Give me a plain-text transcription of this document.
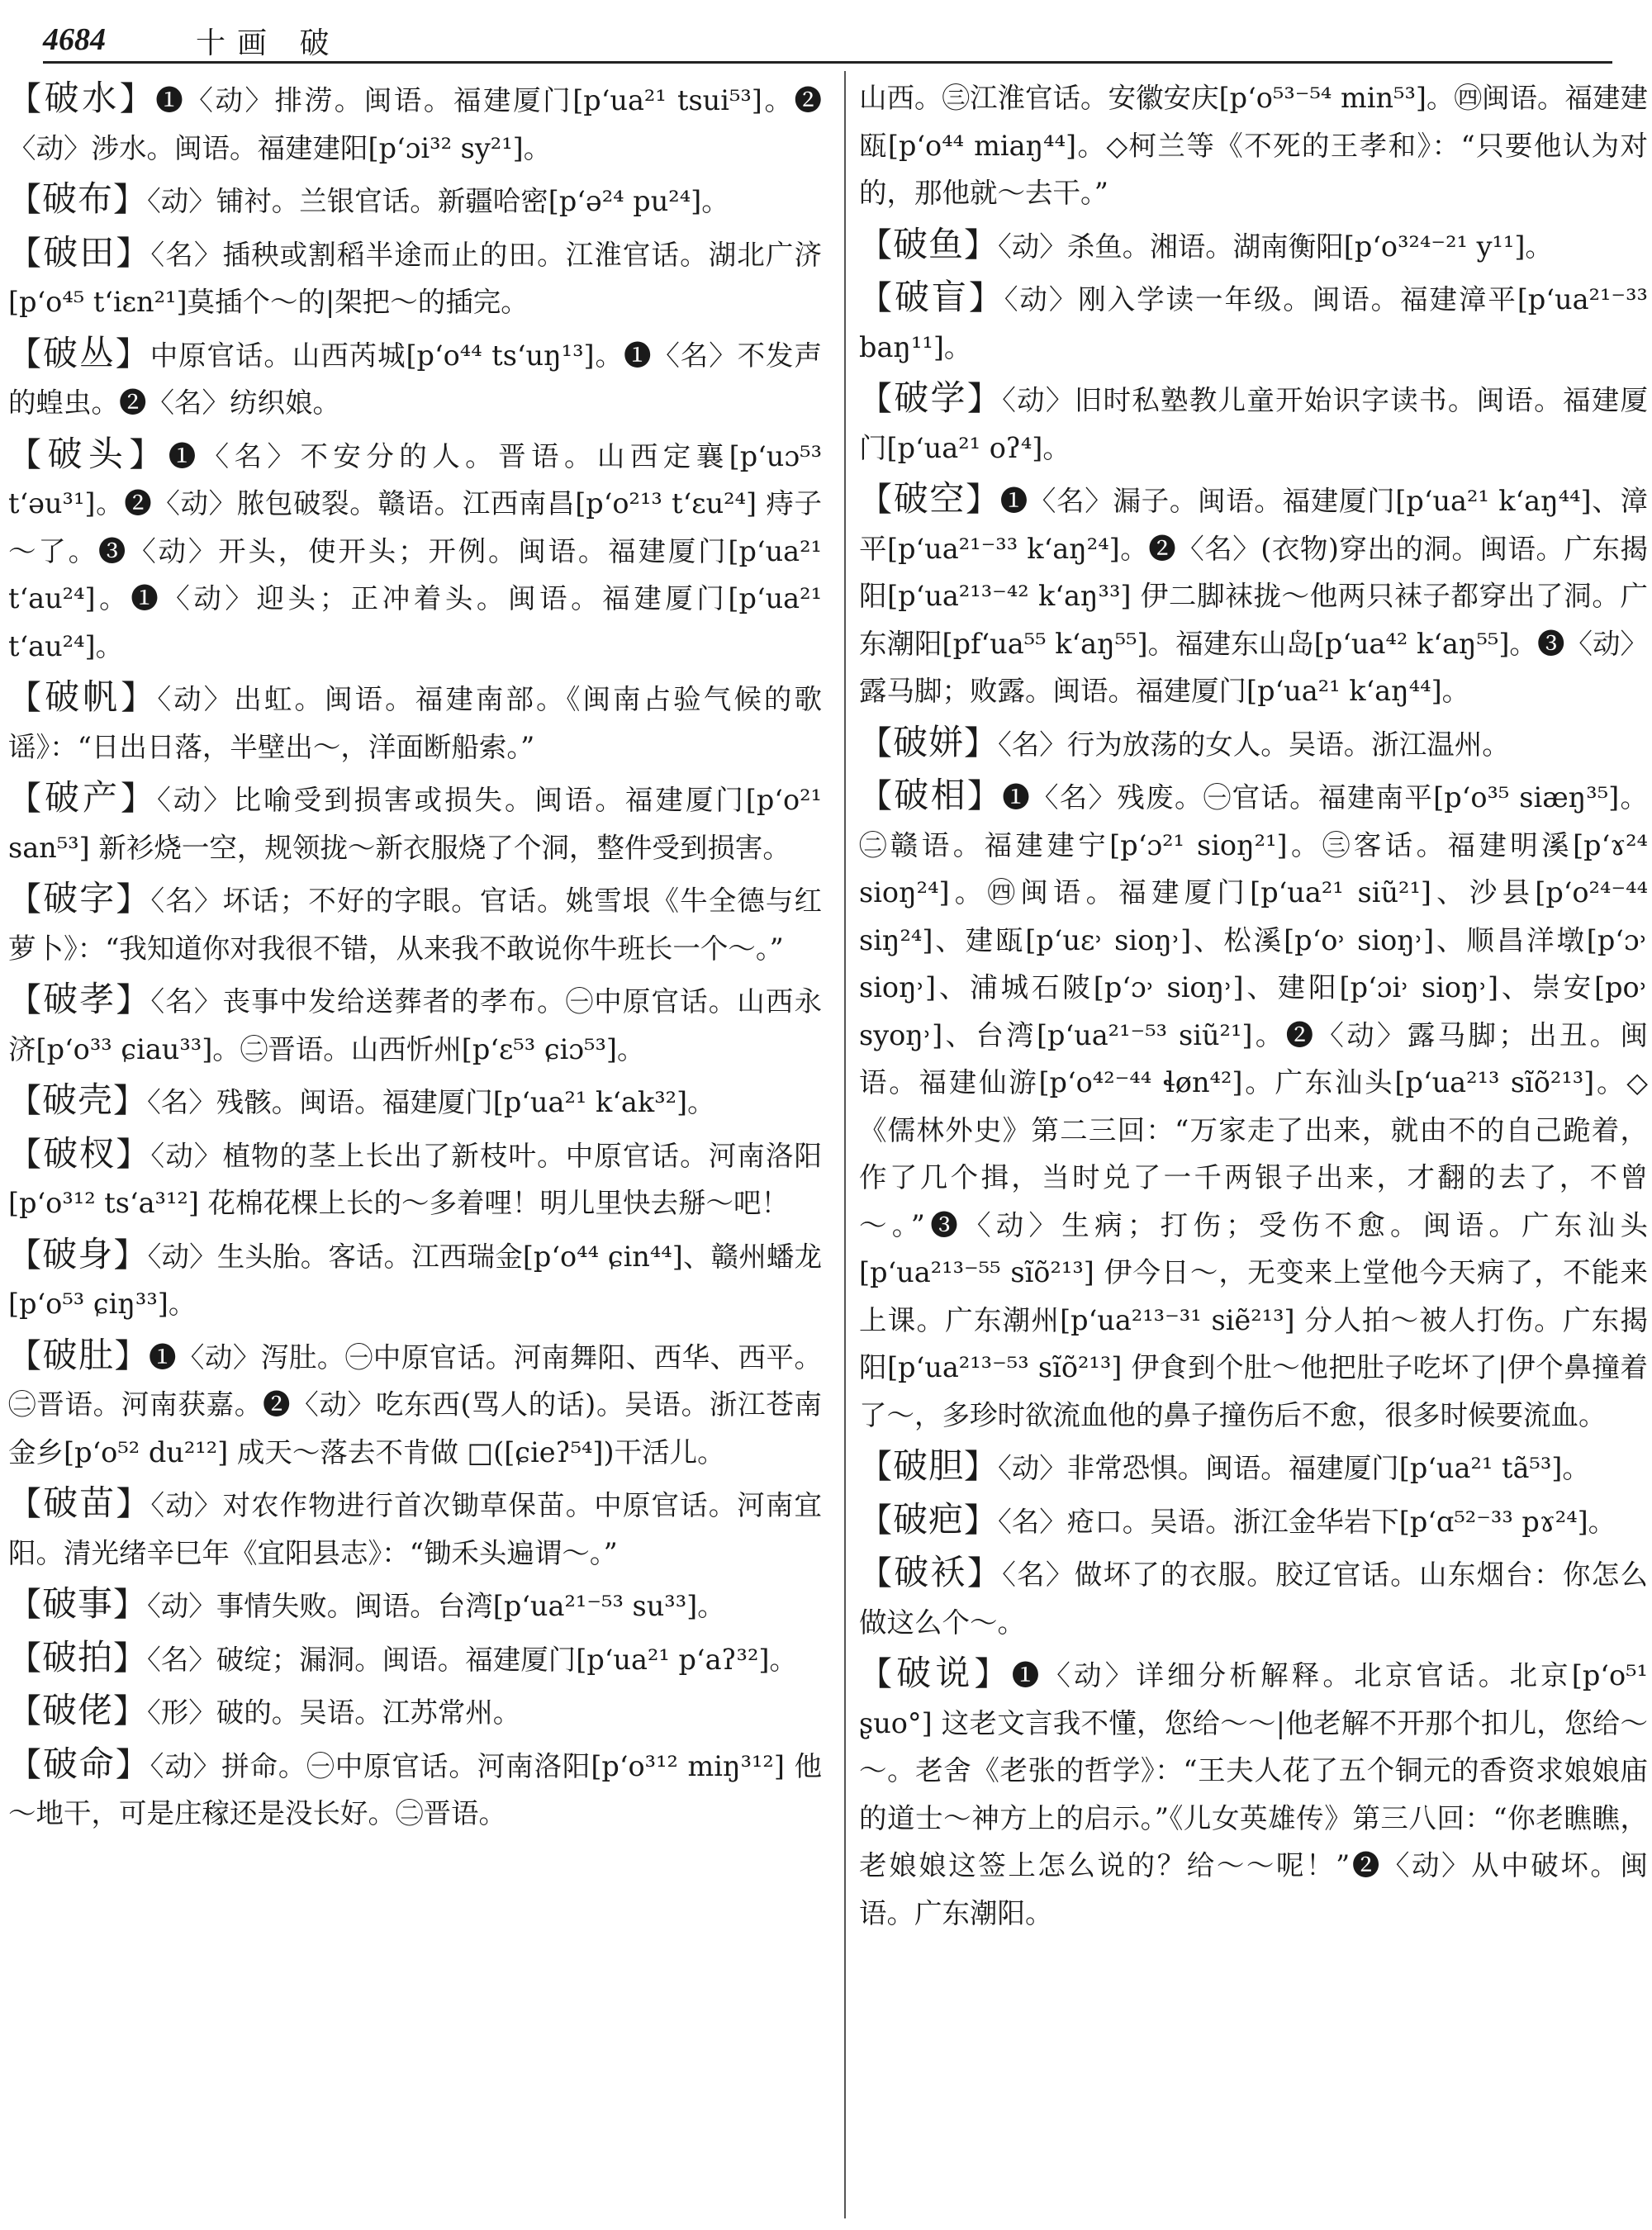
4684	十画 破
【破水】❶〈动〉排涝。闽语。福建厦门[p‘ua²¹ tsui⁵³]。❷〈动〉涉水。闽语。福建建阳[p‘ɔi³² sy²¹]。
【破布】〈动〉铺衬。兰银官话。新疆哈密[p‘ə²⁴ pu²⁴]。
【破田】〈名〉插秧或割稻半途而止的田。江淮官话。湖北广济[p‘o⁴⁵ t‘iɛn²¹]莫插个～的|架把～的插完。
【破丛】中原官话。山西芮城[p‘o⁴⁴ ts‘uŋ¹³]。❶〈名〉不发声的蝗虫。❷〈名〉纺织娘。
【破头】❶〈名〉不安分的人。晋语。山西定襄[p‘uɔ⁵³ t‘əu³¹]。❷〈动〉脓包破裂。赣语。江西南昌[p‘o²¹³ t‘ɛu²⁴] 痔子～了。❸〈动〉开头，使开头；开例。闽语。福建厦门[p‘ua²¹ t‘au²⁴]。❶〈动〉迎头；正冲着头。闽语。福建厦门[p‘ua²¹ t‘au²⁴]。
【破帆】〈动〉出虹。闽语。福建南部。《闽南占验气候的歌谣》：“日出日落，半壁出～，洋面断船索。”
【破产】〈动〉比喻受到损害或损失。闽语。福建厦门[p‘o²¹ san⁵³] 新衫烧一空，规领拢～新衣服烧了个洞，整件受到损害。
【破字】〈名〉坏话；不好的字眼。官话。姚雪垠《牛全德与红萝卜》：“我知道你对我很不错，从来我不敢说你牛班长一个～。”
【破孝】〈名〉丧事中发给送葬者的孝布。㊀中原官话。山西永济[p‘o³³ ɕiau³³]。㊁晋语。山西忻州[p‘ɛ⁵³ ɕiɔ⁵³]。
【破壳】〈名〉残骸。闽语。福建厦门[p‘ua²¹ k‘ak³²]。
【破杈】〈动〉植物的茎上长出了新枝叶。中原官话。河南洛阳[p‘o³¹² ts‘a³¹²] 花棉花棵上长的～多着哩！明儿里快去掰～吧！
【破身】〈动〉生头胎。客话。江西瑞金[p‘o⁴⁴ ɕin⁴⁴]、赣州蟠龙[p‘o⁵³ ɕiŋ³³]。
【破肚】❶〈动〉泻肚。㊀中原官话。河南舞阳、西华、西平。㊁晋语。河南获嘉。❷〈动〉吃东西(骂人的话)。吴语。浙江苍南金乡[p‘o⁵² du²¹²] 成天～落去不肯做 □([ɕieʔ⁵⁴])干活儿。
【破苗】〈动〉对农作物进行首次锄草保苗。中原官话。河南宜阳。清光绪辛巳年《宜阳县志》：“锄禾头遍谓～。”
【破事】〈动〉事情失败。闽语。台湾[p‘ua²¹⁻⁵³ su³³]。
【破拍】〈名〉破绽；漏洞。闽语。福建厦门[p‘ua²¹ p‘aʔ³²]。
【破佬】〈形〉破的。吴语。江苏常州。
【破命】〈动〉拼命。㊀中原官话。河南洛阳[p‘o³¹² miŋ³¹²] 他～地干，可是庄稼还是没长好。㊁晋语。
山西。㊂江淮官话。安徽安庆[p‘o⁵³⁻⁵⁴ min⁵³]。㊃闽语。福建建瓯[p‘o⁴⁴ miaŋ⁴⁴]。◇柯兰等《不死的王孝和》：“只要他认为对的，那他就～去干。”
【破鱼】〈动〉杀鱼。湘语。湖南衡阳[p‘o³²⁴⁻²¹ y¹¹]。
【破盲】〈动〉刚入学读一年级。闽语。福建漳平[p‘ua²¹⁻³³ baŋ¹¹]。
【破学】〈动〉旧时私塾教儿童开始识字读书。闽语。福建厦门[p‘ua²¹ oʔ⁴]。
【破空】❶〈名〉漏子。闽语。福建厦门[p‘ua²¹ k‘aŋ⁴⁴]、漳平[p‘ua²¹⁻³³ k‘aŋ²⁴]。❷〈名〉(衣物)穿出的洞。闽语。广东揭阳[p‘ua²¹³⁻⁴² k‘aŋ³³] 伊二脚袜拢～他两只袜子都穿出了洞。广东潮阳[pf‘ua⁵⁵ k‘aŋ⁵⁵]。福建东山岛[p‘ua⁴² k‘aŋ⁵⁵]。❸〈动〉露马脚；败露。闽语。福建厦门[p‘ua²¹ k‘aŋ⁴⁴]。
【破姘】〈名〉行为放荡的女人。吴语。浙江温州。
【破相】❶〈名〉残废。㊀官话。福建南平[p‘o³⁵ siæŋ³⁵]。㊁赣语。福建建宁[p‘ɔ²¹ sioŋ²¹]。㊂客话。福建明溪[p‘ɤ²⁴ sioŋ²⁴]。㊃闽语。福建厦门[p‘ua²¹ siũ²¹]、沙县[p‘o²⁴⁻⁴⁴ siŋ²⁴]、建瓯[p‘uɛ˒ sioŋ˒]、松溪[p‘o˒ sioŋ˒]、顺昌洋墩[p‘ɔ˒ sioŋ˒]、浦城石陂[p‘ɔ˒ sioŋ˒]、建阳[p‘ɔi˒ sioŋ˒]、崇安[po˒ syoŋ˒]、台湾[p‘ua²¹⁻⁵³ siũ²¹]。❷〈动〉露马脚；出丑。闽语。福建仙游[p‘o⁴²⁻⁴⁴ ɬøn⁴²]。广东汕头[p‘ua²¹³ sĩõ²¹³]。◇《儒林外史》第二三回：“万家走了出来，就由不的自己跪着，作了几个揖，当时兑了一千两银子出来，才翻的去了，不曾～。”❸〈动〉生病；打伤；受伤不愈。闽语。广东汕头[p‘ua²¹³⁻⁵⁵ sĩõ²¹³] 伊今日～，无变来上堂他今天病了，不能来上课。广东潮州[p‘ua²¹³⁻³¹ siẽ²¹³] 分人拍～被人打伤。广东揭阳[p‘ua²¹³⁻⁵³ sĩõ²¹³] 伊食到个肚～他把肚子吃坏了|伊个鼻撞着了～，多珍时欲流血他的鼻子撞伤后不愈，很多时候要流血。
【破胆】〈动〉非常恐惧。闽语。福建厦门[p‘ua²¹ tã⁵³]。
【破疤】〈名〉疮口。吴语。浙江金华岩下[p‘ɑ⁵²⁻³³ pɤ²⁴]。
【破袄】〈名〉做坏了的衣服。胶辽官话。山东烟台：你怎么做这么个～。
【破说】❶〈动〉详细分析解释。北京官话。北京[p‘o⁵¹ ʂuo°] 这老文言我不懂，您给～～|他老解不开那个扣儿，您给～～。老舍《老张的哲学》：“王夫人花了五个铜元的香资求娘娘庙的道士～神方上的启示。”《儿女英雄传》第三八回：“你老瞧瞧，老娘娘这签上怎么说的？给～～呢！”❷〈动〉从中破坏。闽语。广东潮阳。
